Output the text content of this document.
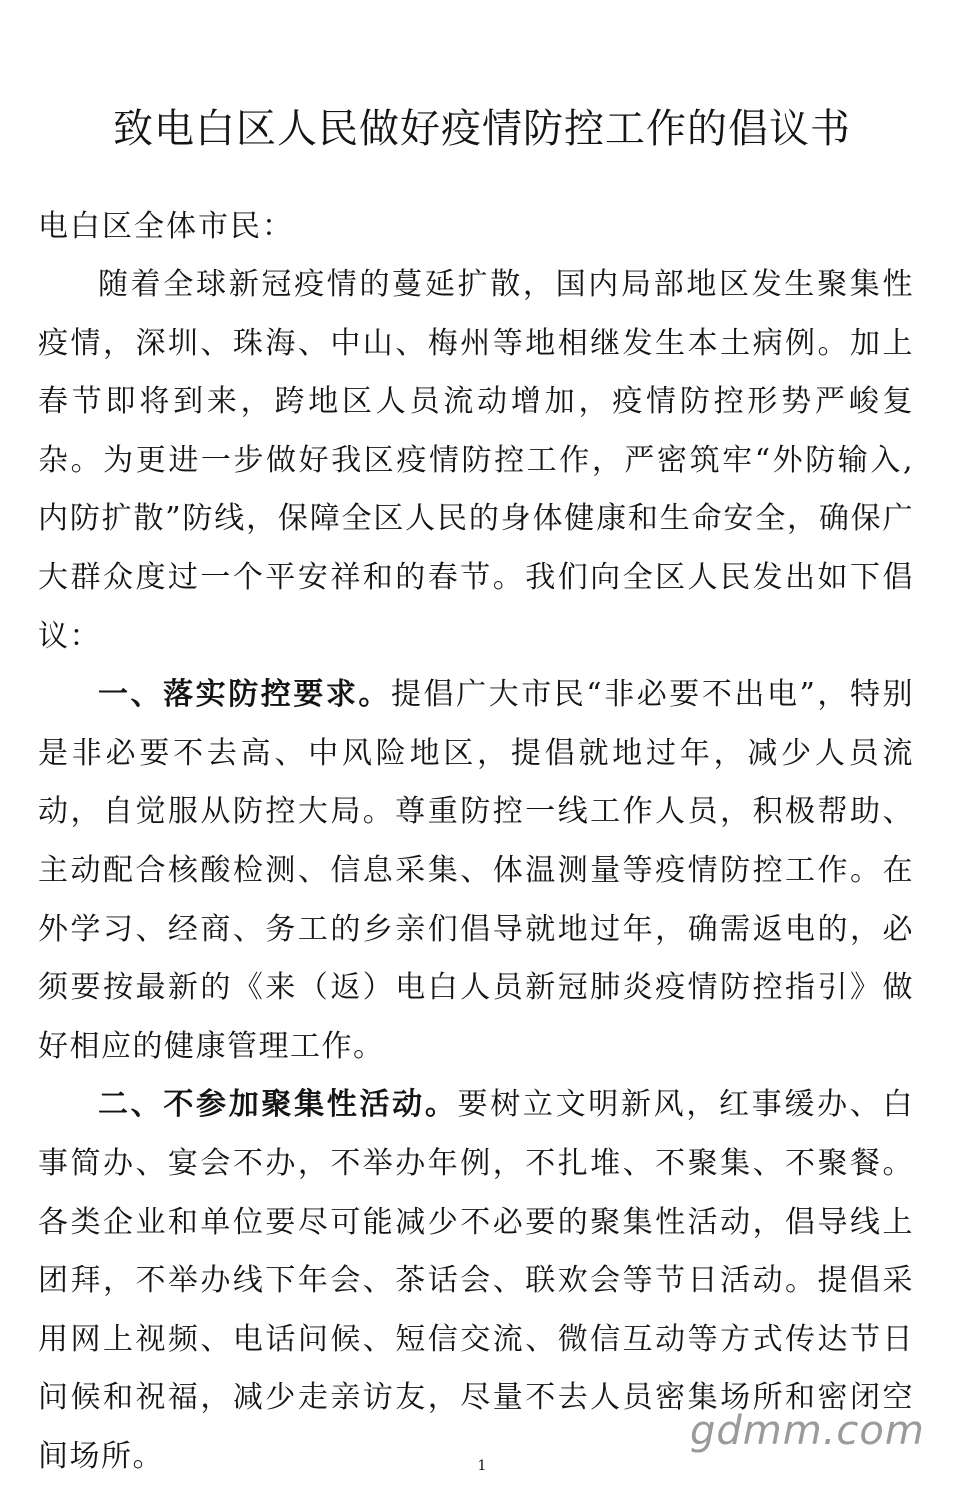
致电白区人民做好疫情防控工作的倡议书
电白区全体市民：

随着全球新冠疫情的蔓延扩散，国内局部地区发生聚集性疫情，深圳、珠海、中山、梅州等地相继发生本土病例。加上春节即将到来，跨地区人员流动增加，疫情防控形势严峻复杂。为更进一步做好我区疫情防控工作，严密筑牢“外防输入,内防扩散”防线，保障全区人民的身体健康和生命安全，确保广大群众度过一个平安祥和的春节。我们向全区人民发出如下倡议：

一、落实防控要求。提倡广大市民“非必要不出电”，特别是非必要不去高、中风险地区，提倡就地过年，减少人员流动，自觉服从防控大局。尊重防控一线工作人员，积极帮助、主动配合核酸检测、信息采集、体温测量等疫情防控工作。在外学习、经商、务工的乡亲们倡导就地过年，确需返电的，必须要按最新的《来（返）电白人员新冠肺炎疫情防控指引》做好相应的健康管理工作。

二、不参加聚集性活动。要树立文明新风，红事缓办、白事简办、宴会不办，不举办年例，不扎堆、不聚集、不聚餐。各类企业和单位要尽可能减少不必要的聚集性活动，倡导线上团拜，不举办线下年会、茶话会、联欢会等节日活动。提倡采用网上视频、电话问候、短信交流、微信互动等方式传达节日问候和祝福，减少走亲访友，尽量不去人员密集场所和密闭空间场所。

gdmm.com
1
